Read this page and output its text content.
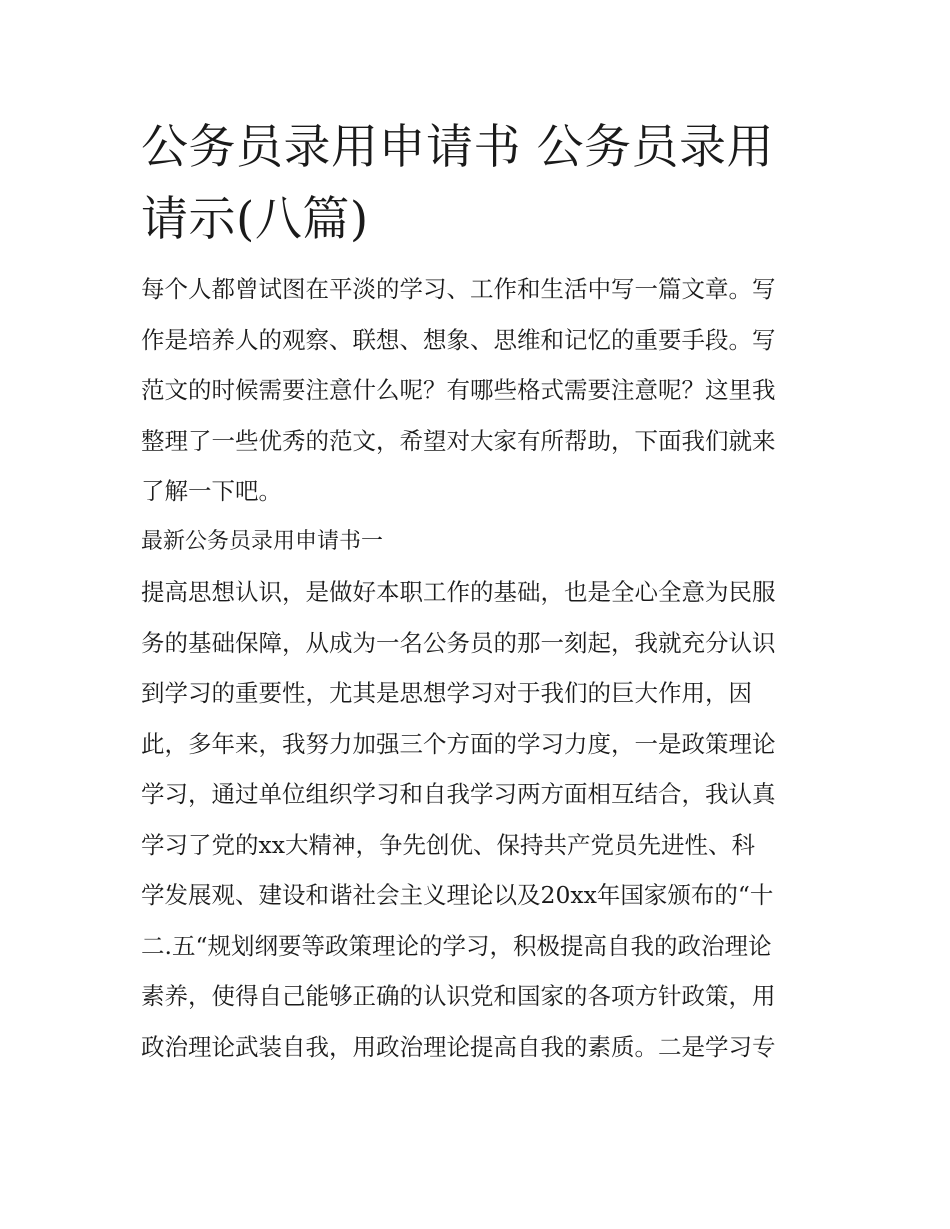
公务员录用申请书 公务员录用
请示(八篇)
每个人都曾试图在平淡的学习、工作和生活中写一篇文章。写
作是培养人的观察、联想、想象、思维和记忆的重要手段。写
范文的时候需要注意什么呢？有哪些格式需要注意呢？这里我
整理了一些优秀的范文，希望对大家有所帮助，下面我们就来
了解一下吧。
最新公务员录用申请书一
提高思想认识，是做好本职工作的基础，也是全心全意为民服
务的基础保障，从成为一名公务员的那一刻起，我就充分认识
到学习的重要性，尤其是思想学习对于我们的巨大作用，因
此，多年来，我努力加强三个方面的学习力度，一是政策理论
学习，通过单位组织学习和自我学习两方面相互结合，我认真
学习了党的xx大精神，争先创优、保持共产党员先进性、科
学发展观、建设和谐社会主义理论以及20xx年国家颁布的“十
二.五“规划纲要等政策理论的学习，积极提高自我的政治理论
素养，使得自己能够正确的认识党和国家的各项方针政策，用
政治理论武装自我，用政治理论提高自我的素质。二是学习专
